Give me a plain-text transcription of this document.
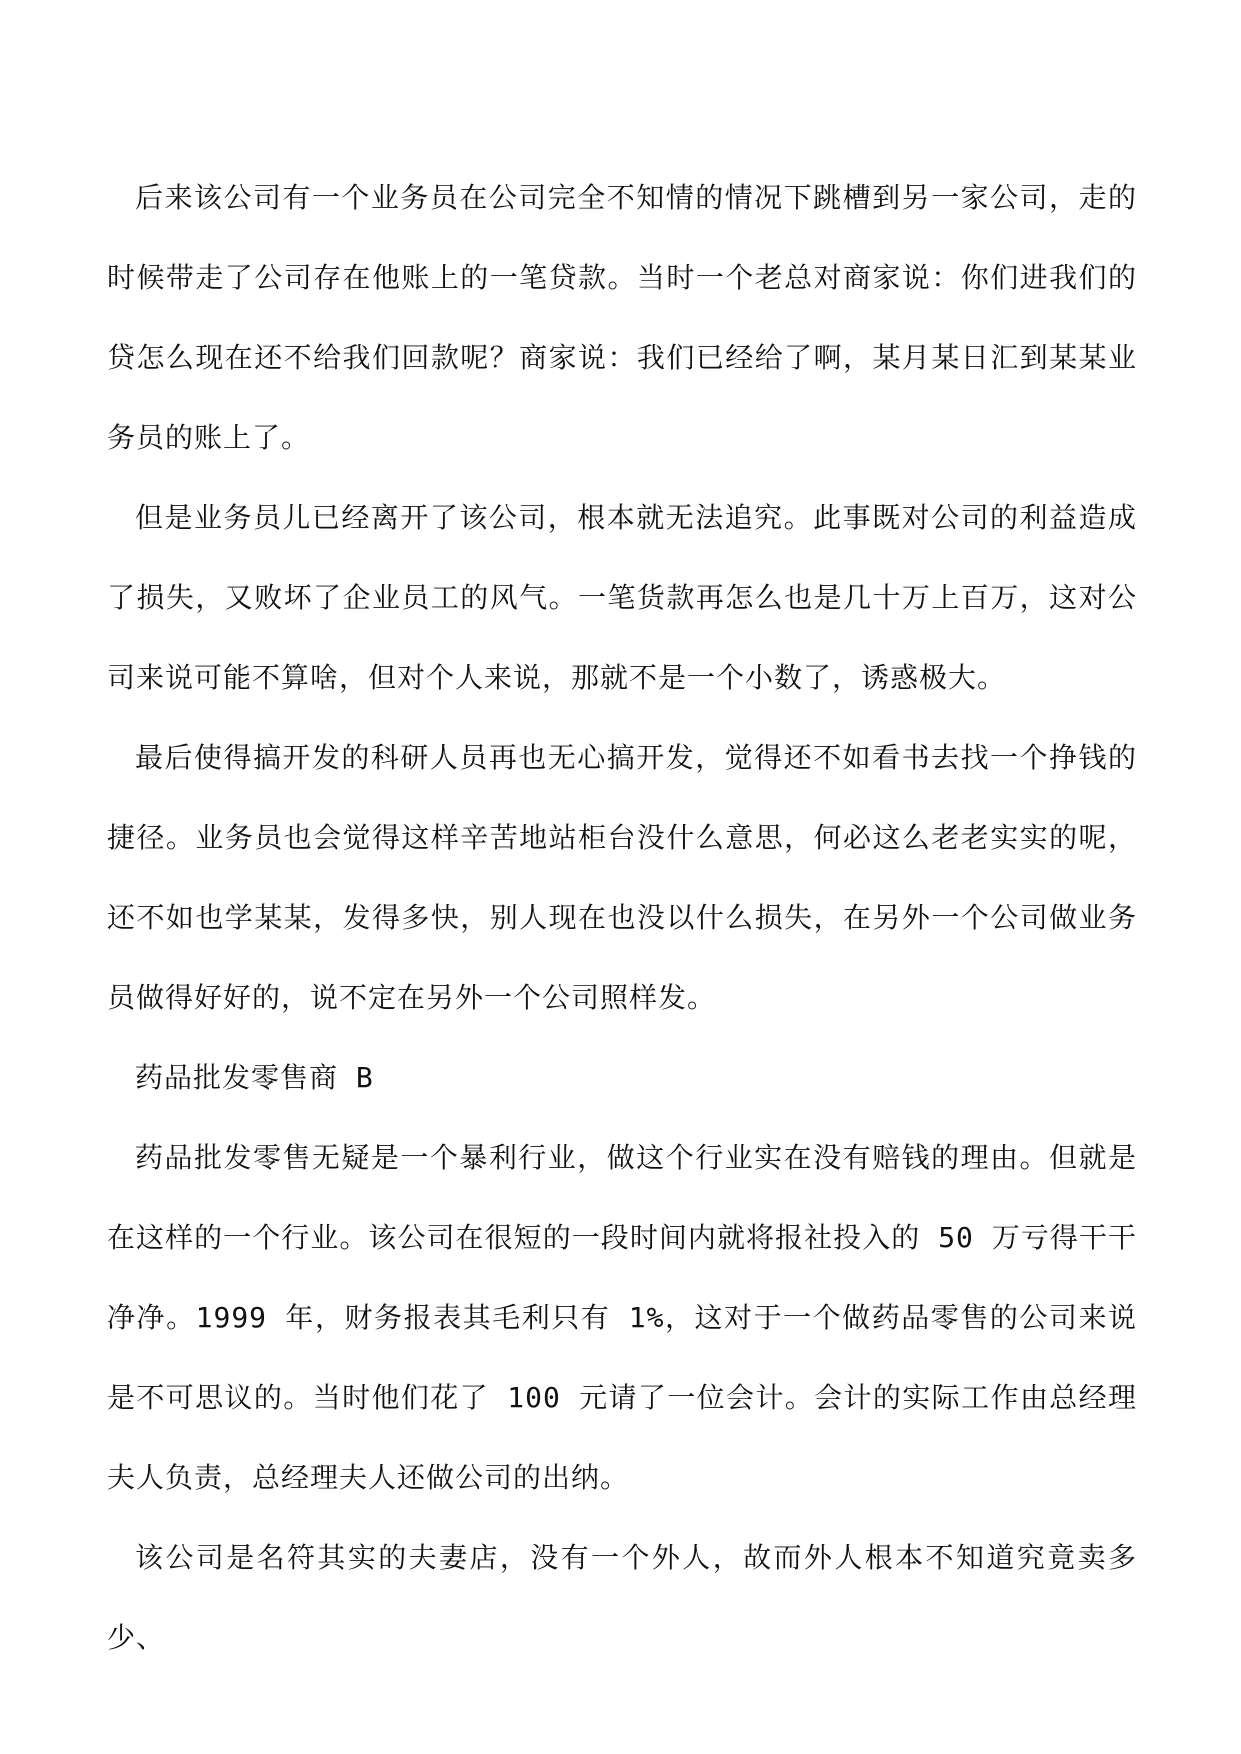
后来该公司有一个业务员在公司完全不知情的情况下跳槽到另一家公司，走的时候带走了公司存在他账上的一笔贷款。当时一个老总对商家说：你们进我们的贷怎么现在还不给我们回款呢？商家说：我们已经给了啊，某月某日汇到某某业务员的账上了。

但是业务员儿已经离开了该公司，根本就无法追究。此事既对公司的利益造成了损失，又败坏了企业员工的风气。一笔货款再怎么也是几十万上百万，这对公司来说可能不算啥，但对个人来说，那就不是一个小数了，诱惑极大。

最后使得搞开发的科研人员再也无心搞开发，觉得还不如看书去找一个挣钱的捷径。业务员也会觉得这样辛苦地站柜台没什么意思，何必这么老老实实的呢，还不如也学某某，发得多快，别人现在也没以什么损失，在另外一个公司做业务员做得好好的，说不定在另外一个公司照样发。

药品批发零售商 B

药品批发零售无疑是一个暴利行业，做这个行业实在没有赔钱的理由。但就是在这样的一个行业。该公司在很短的一段时间内就将报社投入的 50 万亏得干干净净。1999 年，财务报表其毛利只有 1%，这对于一个做药品零售的公司来说是不可思议的。当时他们花了 100 元请了一位会计。会计的实际工作由总经理夫人负责，总经理夫人还做公司的出纳。

该公司是名符其实的夫妻店，没有一个外人，故而外人根本不知道究竟卖多少、
